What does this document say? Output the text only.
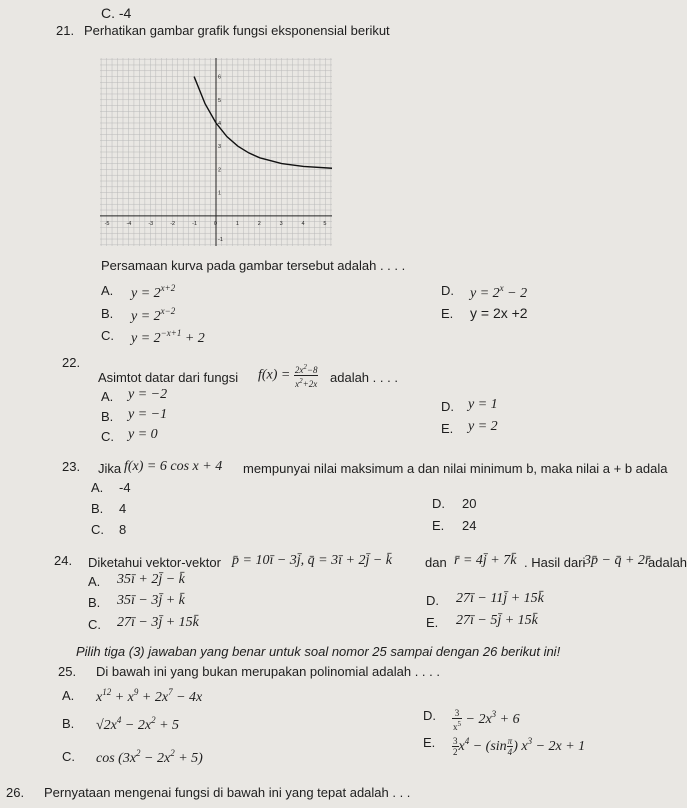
C. -4
21. Perhatikan gambar grafik fungsi eksponensial berikut
-5	-4	-3	-2	-1	0	1	2	3	4	5
-1
1
2
3
4
5
6
Persamaan kurva pada gambar tersebut adalah . . . .
A. $y = 2^{x+2}$
B. $y = 2^{x-2}$
C. $y = 2^{-x+1} + 2$
D. $y = 2^x - 2$
E. y = 2x +2
22.
Asimtot datar dari fungsi $f(x) = \frac{2x^2-8}{x^2+2x}$ adalah . . . .
A. y = −2
B. y = −1
C. y = 0
D. y = 1
E. y = 2
23. Jika f(x) = 6 cos x + 4 mempunyai nilai maksimum a dan nilai minimum b, maka nilai a + b adala
A. -4
B. 4
C. 8
D. 20
E. 24
24. Diketahui vektor-vektor p̄ = 10ī − 3j̄, q̄ = 3ī + 2j̄ − k̄	dan r̄ = 4j̄ + 7k̄ . Hasil dari
3p̄ − q̄ + 2r̄
adalah
A. 35ī + 2j̄ − k̄
B. 35ī − 3j̄ + k̄
C. 27ī − 3j̄ + 15k̄
D. 27ī − 11j̄ + 15k̄
E. 27ī − 5j̄ + 15k̄
Pilih tiga (3) jawaban yang benar untuk soal nomor 25 sampai dengan 26 berikut ini!
25. Di bawah ini yang bukan merupakan polinomial adalah . . . .
A. $x^{12} + x^9 + 2x^7 - 4x$
B. $√2x^4 - 2x^2 + 5$
C. $\cos (3x^2 - 2x^2 + 5)$
D. $\frac{3}{x^5} - 2x^3 + 6$
E. $\frac{3}{2} x^4 - (\sin \frac{\pi}{4}$ ) $x^3 - 2x + 1$
26. Pernyataan mengenai fungsi di bawah ini yang tepat adalah . . .
